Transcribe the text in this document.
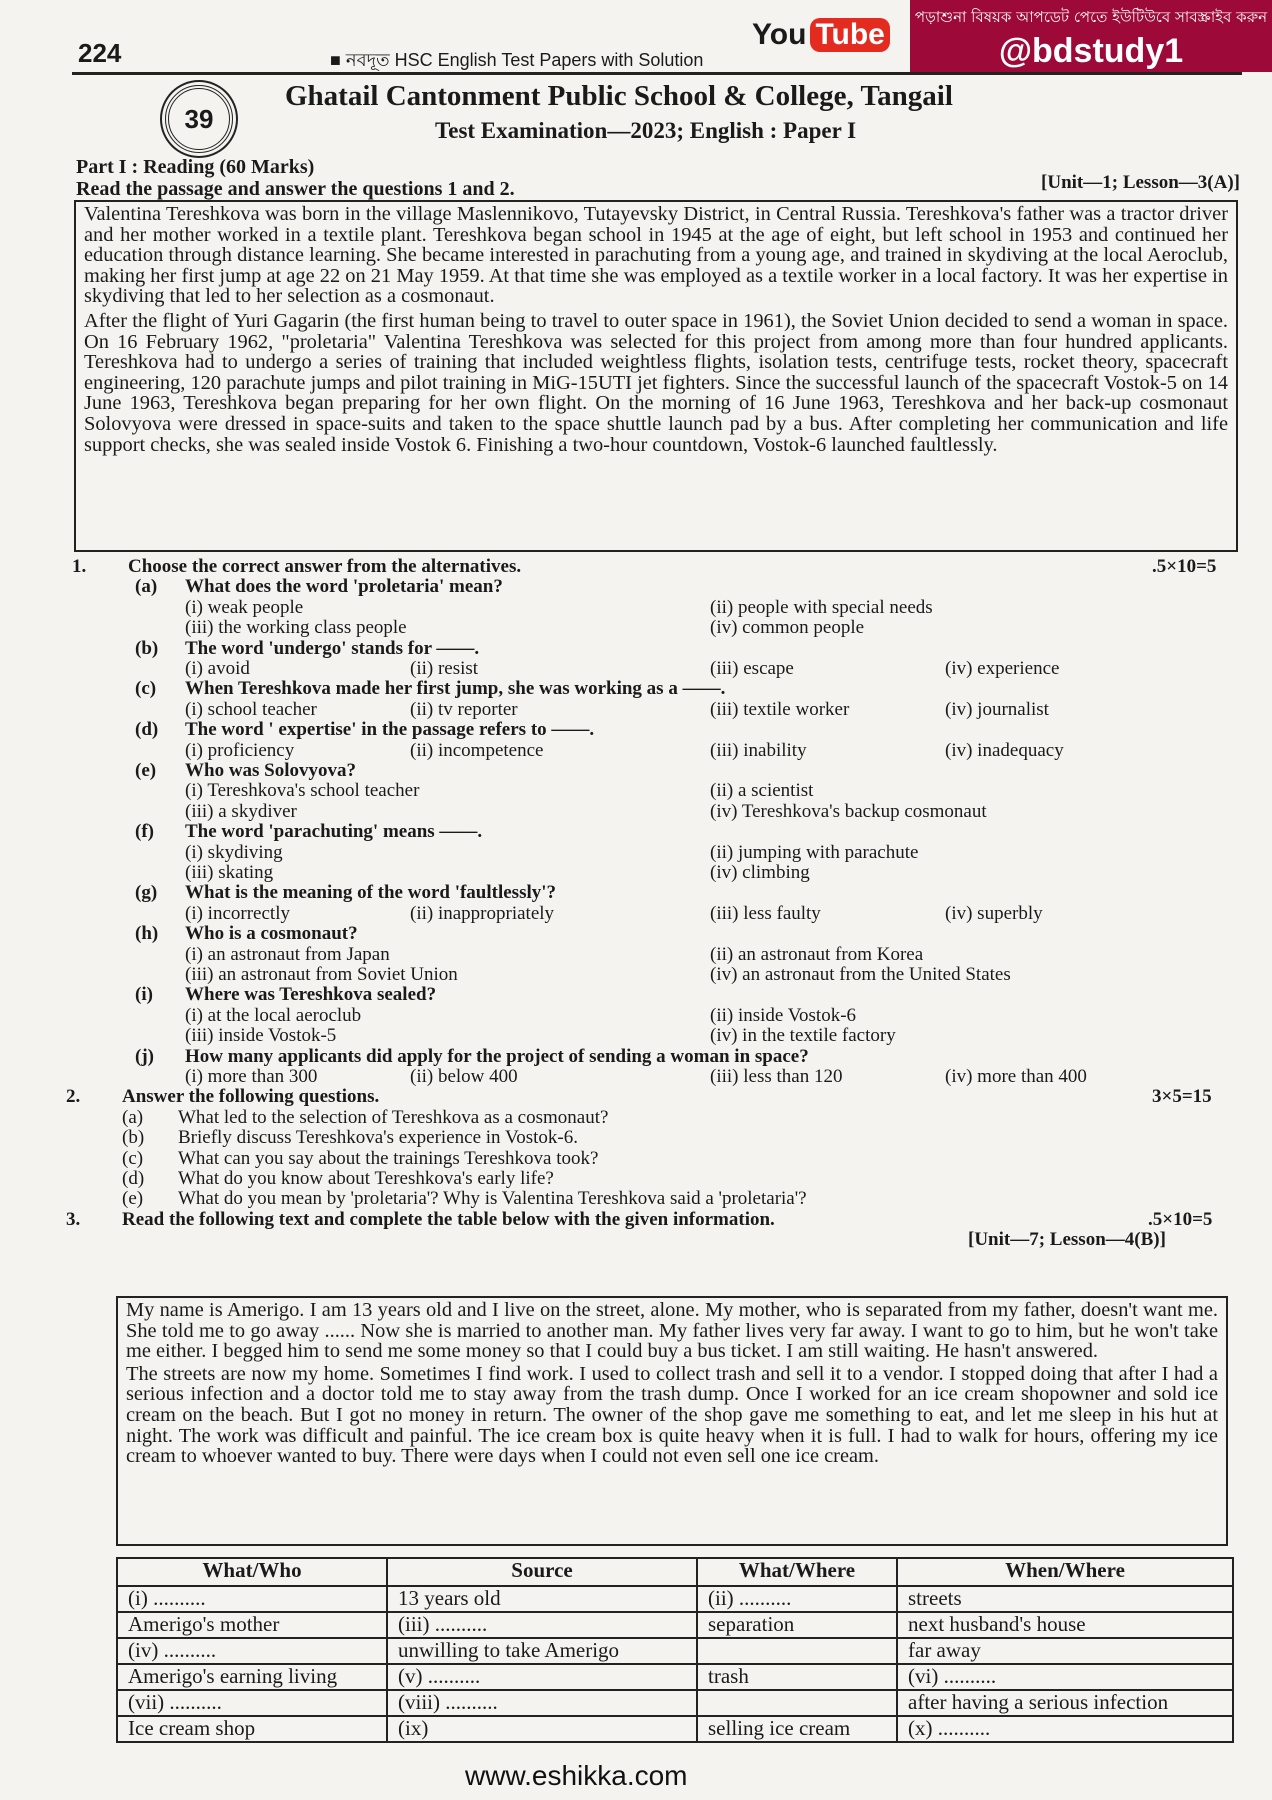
224	■ নবদূত HSC English Test Papers with Solution
You Tube
পড়াশুনা বিষয়ক আপডেট পেতে ইউটিউবে সাবস্ক্রাইব করুন
@bdstudy1
39
Ghatail Cantonment Public School & College, Tangail
Test Examination—2023; English : Paper I
Part I : Reading (60 Marks)
Read the passage and answer the questions 1 and 2.	[Unit—1; Lesson—3(A)]

Valentina Tereshkova was born in the village Maslennikovo, Tutayevsky District, in Central Russia. Tereshkova's father was a tractor driver and her mother worked in a textile plant. Tereshkova began school in 1945 at the age of eight, but left school in 1953 and continued her education through distance learning. She became interested in parachuting from a young age, and trained in skydiving at the local Aeroclub, making her first jump at age 22 on 21 May 1959. At that time she was employed as a textile worker in a local factory. It was her expertise in skydiving that led to her selection as a cosmonaut.

After the flight of Yuri Gagarin (the first human being to travel to outer space in 1961), the Soviet Union decided to send a woman in space. On 16 February 1962, "proletaria" Valentina Tereshkova was selected for this project from among more than four hundred applicants. Tereshkova had to undergo a series of training that included weightless flights, isolation tests, centrifuge tests, rocket theory, spacecraft engineering, 120 parachute jumps and pilot training in MiG-15UTI jet fighters. Since the successful launch of the spacecraft Vostok-5 on 14 June 1963, Tereshkova began preparing for her own flight. On the morning of 16 June 1963, Tereshkova and her back-up cosmonaut Solovyova were dressed in space-suits and taken to the space shuttle launch pad by a bus. After completing her communication and life support checks, she was sealed inside Vostok 6. Finishing a two-hour countdown, Vostok-6 launched faultlessly.

1. Choose the correct answer from the alternatives.	.5×10=5
(a) What does the word 'proletaria' mean?
(i) weak people	(ii) people with special needs
(iii) the working class people	(iv) common people
(b) The word 'undergo' stands for ——.
(i) avoid	(ii) resist	(iii) escape	(iv) experience
(c) When Tereshkova made her first jump, she was working as a ——.
(i) school teacher	(ii) tv reporter	(iii) textile worker	(iv) journalist
(d) The word ' expertise' in the passage refers to ——.
(i) proficiency	(ii) incompetence	(iii) inability	(iv) inadequacy
(e) Who was Solovyova?
(i) Tereshkova's school teacher	(ii) a scientist
(iii) a skydiver	(iv) Tereshkova's backup cosmonaut
(f) The word 'parachuting' means ——.
(i) skydiving	(ii) jumping with parachute
(iii) skating	(iv) climbing
(g) What is the meaning of the word 'faultlessly'?
(i) incorrectly	(ii) inappropriately	(iii) less faulty	(iv) superbly
(h) Who is a cosmonaut?
(i) an astronaut from Japan	(ii) an astronaut from Korea
(iii) an astronaut from Soviet Union	(iv) an astronaut from the United States
(i) Where was Tereshkova sealed?
(i) at the local aeroclub	(ii) inside Vostok-6
(iii) inside Vostok-5	(iv) in the textile factory
(j) How many applicants did apply for the project of sending a woman in space?
(i) more than 300	(ii) below 400	(iii) less than 120	(iv) more than 400
2. Answer the following questions.	3×5=15
(a) What led to the selection of Tereshkova as a cosmonaut?
(b) Briefly discuss Tereshkova's experience in Vostok-6.
(c) What can you say about the trainings Tereshkova took?
(d) What do you know about Tereshkova's early life?
(e) What do you mean by 'proletaria'? Why is Valentina Tereshkova said a 'proletaria'?
3. Read the following text and complete the table below with the given information.	.5×10=5
[Unit—7; Lesson—4(B)]

My name is Amerigo. I am 13 years old and I live on the street, alone. My mother, who is separated from my father, doesn't want me. She told me to go away ...... Now she is married to another man. My father lives very far away. I want to go to him, but he won't take me either. I begged him to send me some money so that I could buy a bus ticket. I am still waiting. He hasn't answered.

The streets are now my home. Sometimes I find work. I used to collect trash and sell it to a vendor. I stopped doing that after I had a serious infection and a doctor told me to stay away from the trash dump. Once I worked for an ice cream shopowner and sold ice cream on the beach. But I got no money in return. The owner of the shop gave me something to eat, and let me sleep in his hut at night. The work was difficult and painful. The ice cream box is quite heavy when it is full. I had to walk for hours, offering my ice cream to whoever wanted to buy. There were days when I could not even sell one ice cream.

What/Who	Source	What/Where	When/Where
(i) ..........	13 years old	(ii) ..........	streets
Amerigo's mother	(iii) ..........	separation	next husband's house
(iv) ..........	unwilling to take Amerigo		far away
Amerigo's earning living	(v) ..........	trash	(vi) ..........
(vii) ..........	(viii) ..........		after having a serious infection
Ice cream shop	(ix)	selling ice cream	(x) ..........
www.eshikka.com
